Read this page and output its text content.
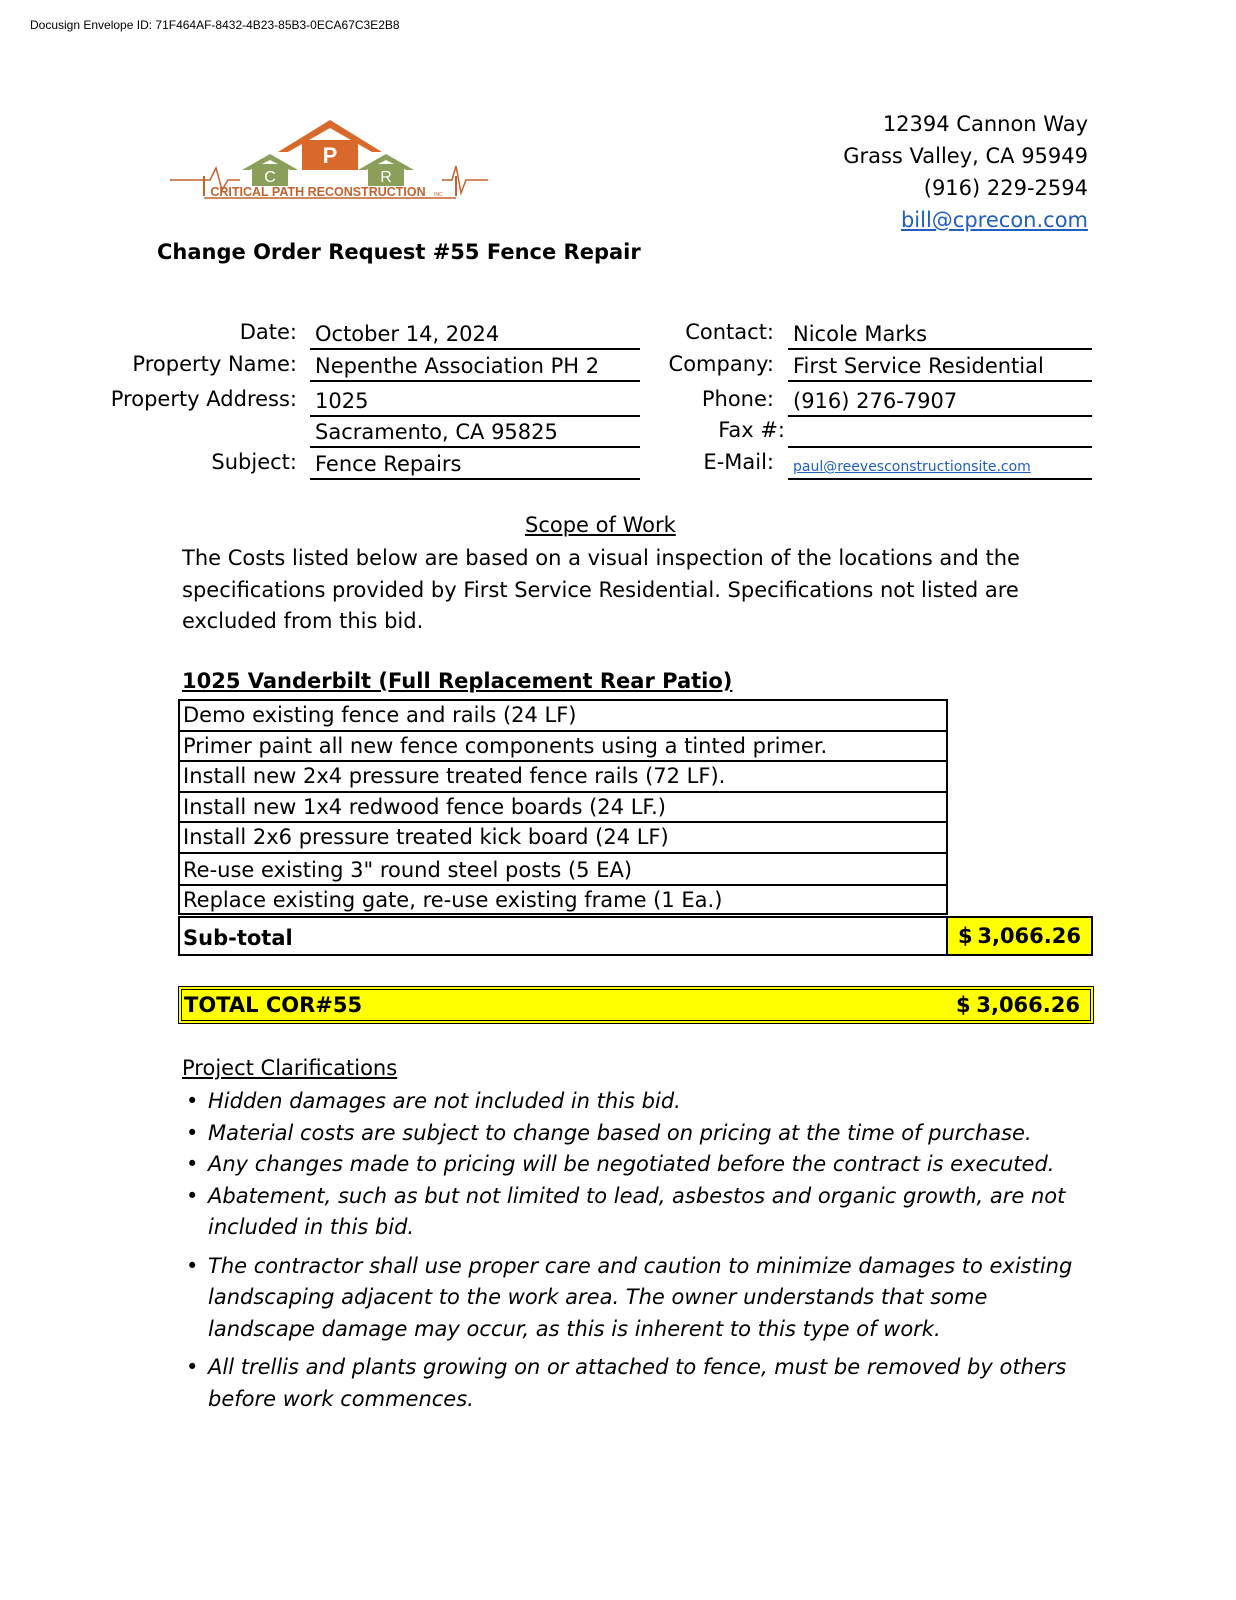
Docusign Envelope ID: 71F464AF-8432-4B23-85B3-0ECA67C3E2B8
P
C	R
CRITICAL PATH RECONSTRUCTION INC
12394 Cannon Way
Grass Valley, CA 95949
(916) 229-2594
bill@cprecon.com
Change Order Request #55 Fence Repair
Date: October 14, 2024
Property Name: Nepenthe Association PH 2
Property Address: 1025
Sacramento, CA 95825
Subject: Fence Repairs
Contact: Nicole Marks
Company: First Service Residential
Phone: (916) 276-7907
Fax #:
E-Mail:	paul@reevesconstructionsite.com
Scope of Work
The Costs listed below are based on a visual inspection of the locations and the specifications provided by First Service Residential. Specifications not listed are excluded from this bid.
1025 Vanderbilt (Full Replacement Rear Patio)
Demo existing fence and rails (24 LF)
Primer paint all new fence components using a tinted primer.
Install new 2x4 pressure treated fence rails (72 LF).
Install new 1x4 redwood fence boards (24 LF.)
Install 2x6 pressure treated kick board (24 LF)
Re-use existing 3" round steel posts (5 EA)
Replace existing gate, re-use existing frame (1 Ea.)
Sub-total	$ 3,066.26
TOTAL COR#55	$ 3,066.26
Project Clarifications
• Hidden damages are not included in this bid.
• Material costs are subject to change based on pricing at the time of purchase.
• Any changes made to pricing will be negotiated before the contract is executed.
• Abatement, such as but not limited to lead, asbestos and organic growth, are not included in this bid.
• The contractor shall use proper care and caution to minimize damages to existing landscaping adjacent to the work area. The owner understands that some landscape damage may occur, as this is inherent to this type of work.
• All trellis and plants growing on or attached to fence, must be removed by others before work commences.
